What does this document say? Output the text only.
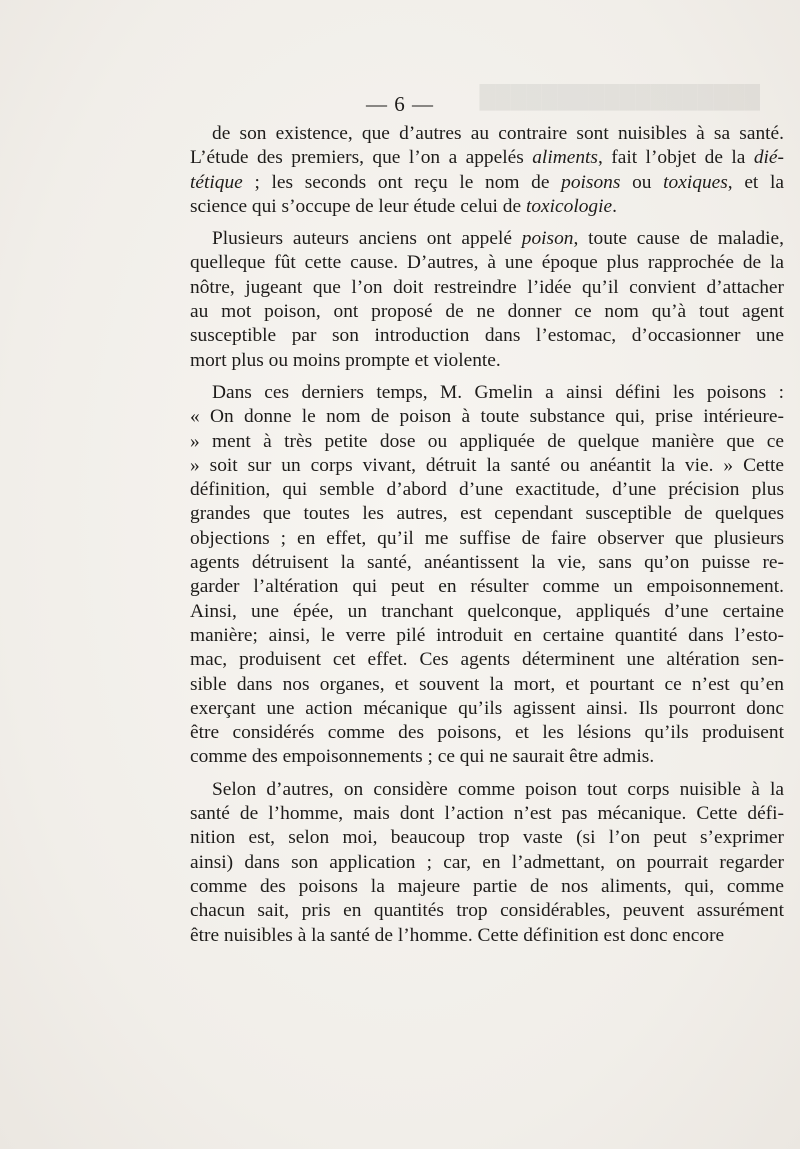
██████████████████
— 6 —
de son existence, que d’autres au contraire sont nuisibles à sa santé.
L’étude des premiers, que l’on a appelés aliments, fait l’objet de la dié-
tétique ; les seconds ont reçu le nom de poisons ou toxiques, et la
science qui s’occupe de leur étude celui de toxicologie.
Plusieurs auteurs anciens ont appelé poison, toute cause de maladie,
quelleque fût cette cause. D’autres, à une époque plus rapprochée de la
nôtre, jugeant que l’on doit restreindre l’idée qu’il convient d’attacher
au mot poison, ont proposé de ne donner ce nom qu’à tout agent
susceptible par son introduction dans l’estomac, d’occasionner une
mort plus ou moins prompte et violente.
Dans ces derniers temps, M. Gmelin a ainsi défini les poisons :
« On donne le nom de poison à toute substance qui, prise intérieure-
» ment à très petite dose ou appliquée de quelque manière que ce
» soit sur un corps vivant, détruit la santé ou anéantit la vie. » Cette
définition, qui semble d’abord d’une exactitude, d’une précision plus
grandes que toutes les autres, est cependant susceptible de quelques
objections ; en effet, qu’il me suffise de faire observer que plusieurs
agents détruisent la santé, anéantissent la vie, sans qu’on puisse re-
garder l’altération qui peut en résulter comme un empoisonnement.
Ainsi, une épée, un tranchant quelconque, appliqués d’une certaine
manière; ainsi, le verre pilé introduit en certaine quantité dans l’esto-
mac, produisent cet effet. Ces agents déterminent une altération sen-
sible dans nos organes, et souvent la mort, et pourtant ce n’est qu’en
exerçant une action mécanique qu’ils agissent ainsi. Ils pourront donc
être considérés comme des poisons, et les lésions qu’ils produisent
comme des empoisonnements ; ce qui ne saurait être admis.
Selon d’autres, on considère comme poison tout corps nuisible à la
santé de l’homme, mais dont l’action n’est pas mécanique. Cette défi-
nition est, selon moi, beaucoup trop vaste (si l’on peut s’exprimer
ainsi) dans son application ; car, en l’admettant, on pourrait regarder
comme des poisons la majeure partie de nos aliments, qui, comme
chacun sait, pris en quantités trop considérables, peuvent assurément
être nuisibles à la santé de l’homme. Cette définition est donc encore
